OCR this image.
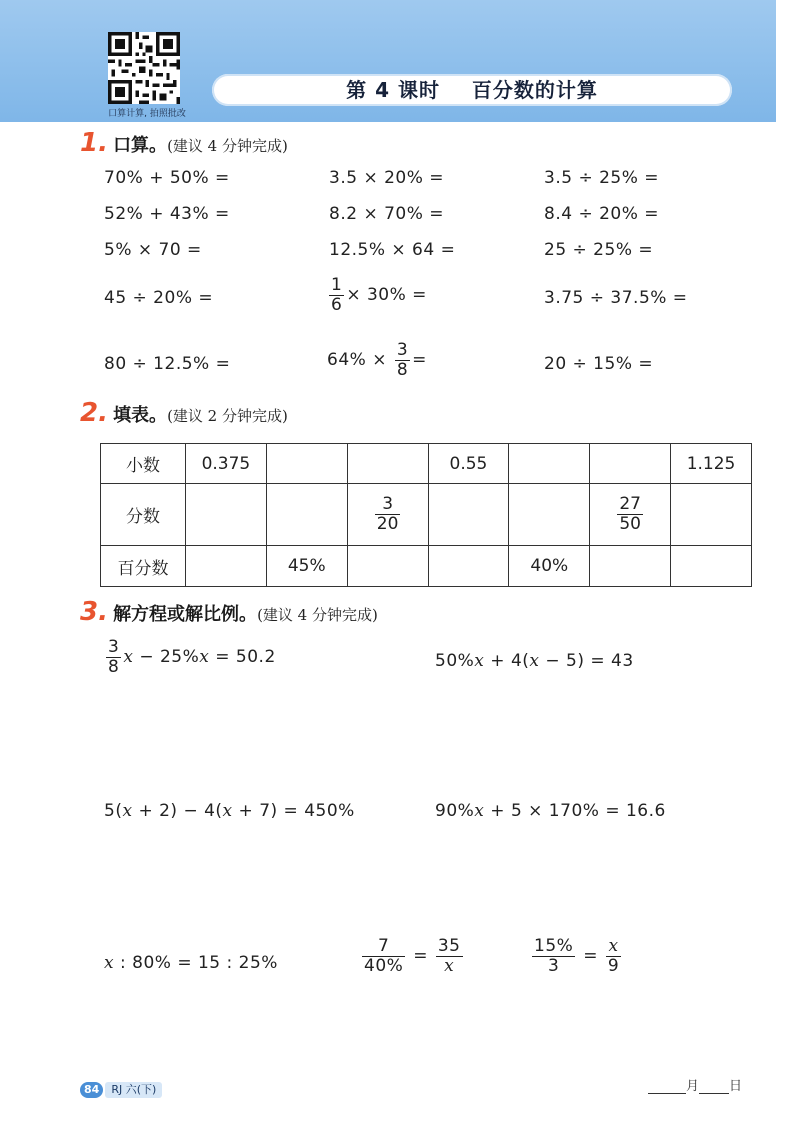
口算计算, 拍照批改
第 4 课时 百分数的计算
1. 口算。(建议 4 分钟完成)
70% + 50% =	3.5 × 20% =	3.5 ÷ 25% =
52% + 43% =	8.2 × 70% =	8.4 ÷ 20% =
5% × 70 =	12.5% × 64 =	25 ÷ 25% =
45 ÷ 20% =	$\frac{1}{6} \times 30\%$ =	3.75 ÷ 37.5% =
80 ÷ 12.5% =	$64\% \times \frac{3}{8}$ =	20 ÷ 15% =
2. 填表。(建议 2 分钟完成)
小数	0.375			0.55			1.125
分数			$\frac{3}{20}$			$\frac{27}{50}$

百分数		45%			40%		
3. 解方程或解比例。(建议 4 分钟完成)
$\frac{3}{8}$ x − 25%x = 50.2	50%x + 4(x − 5) = 43
5(x + 2) − 4(x + 7) = 450%	90%x + 5 × 170% = 16.6
x : 80% = 15 : 25%	$\frac{7}{40\%} = \frac{35}{x}$	$\frac{15\%}{3} = \frac{x}{9}$
84 RJ 六(下)	月 日
